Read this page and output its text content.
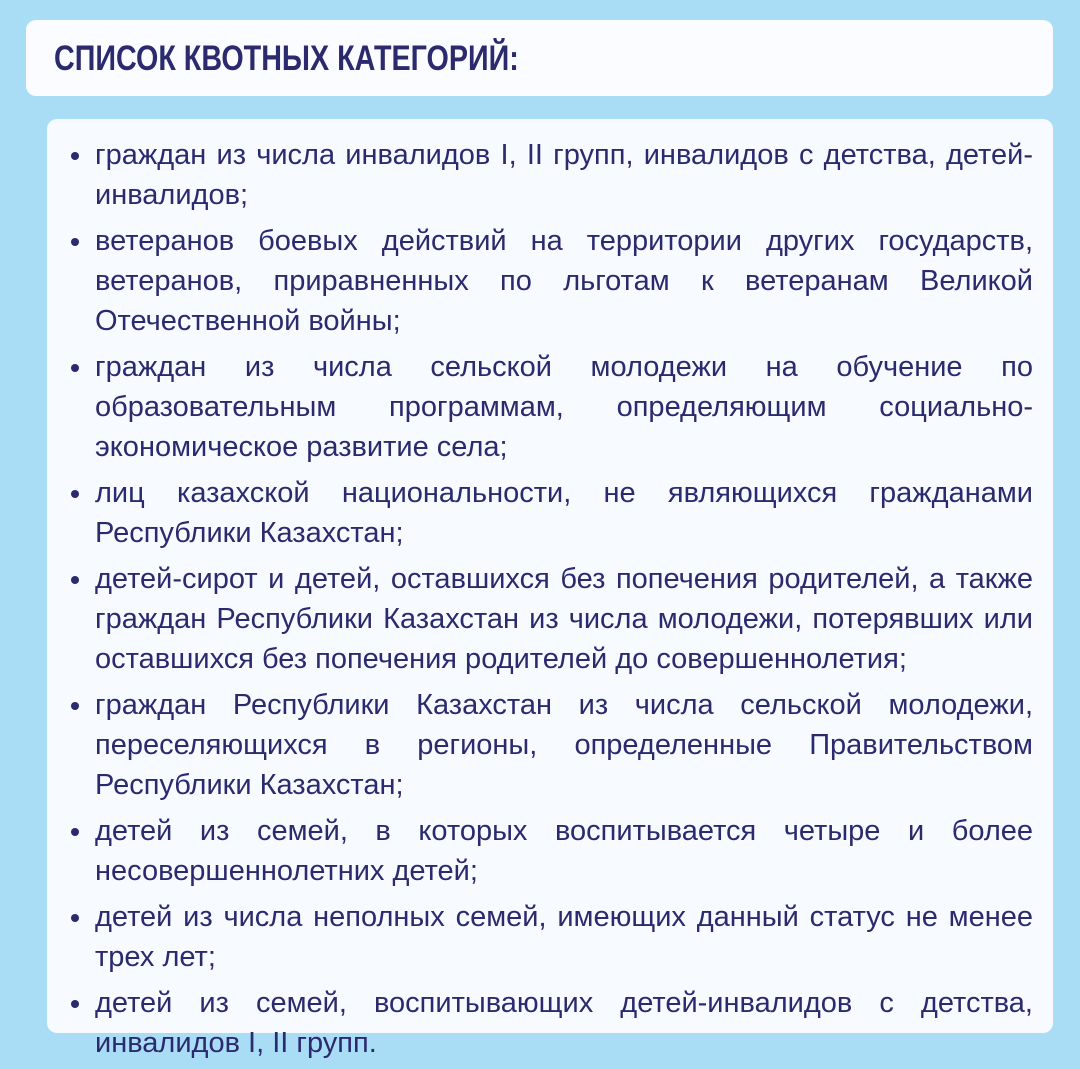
СПИСОК КВОТНЫХ КАТЕГОРИЙ:
граждан из числа инвалидов I, II групп, инвалидов с детства, детей-инвалидов;
ветеранов боевых действий на территории других государств, ветеранов, приравненных по льготам к ветеранам Великой Отечественной войны;
граждан из числа сельской молодежи на обучение по образовательным программам, определяющим социально-экономическое развитие села;
лиц казахской национальности, не являющихся гражданами Республики Казахстан;
детей-сирот и детей, оставшихся без попечения родителей, а также граждан Республики Казахстан из числа молодежи, потерявших или оставшихся без попечения родителей до совершеннолетия;
граждан Республики Казахстан из числа сельской молодежи, переселяющихся в регионы, определенные Правительством Республики Казахстан;
детей из семей, в которых воспитывается четыре и более несовершеннолетних детей;
детей из числа неполных семей, имеющих данный статус не менее трех лет;
детей из семей, воспитывающих детей-инвалидов с детства, инвалидов I, II групп.
